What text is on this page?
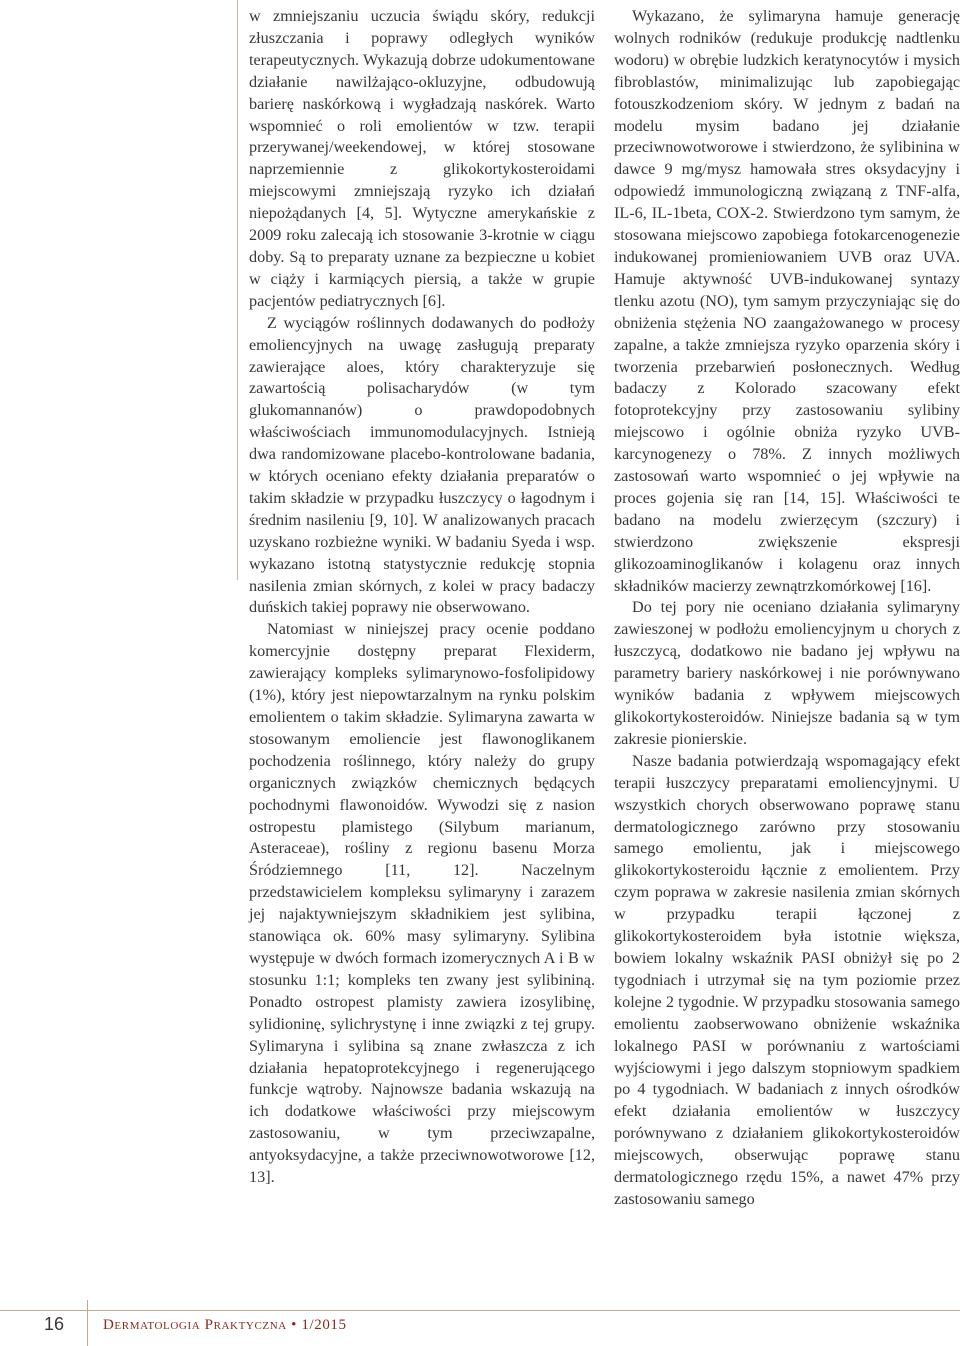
w zmniejszaniu uczucia świądu skóry, redukcji złuszczania i poprawy odległych wyników terapeutycznych. Wykazują dobrze udokumentowane działanie nawilżająco-okluzyjne, odbudowują barierę naskórkową i wygładzają naskórek. Warto wspomnieć o roli emolientów w tzw. terapii przerywanej/weekendowej, w której stosowane naprzemiennie z glikokortykosteroidami miejscowymi zmniejszają ryzyko ich działań niepożądanych [4, 5]. Wytyczne amerykańskie z 2009 roku zalecają ich stosowanie 3-krotnie w ciągu doby. Są to preparaty uznane za bezpieczne u kobiet w ciąży i karmiących piersią, a także w grupie pacjentów pediatrycznych [6].

Z wyciągów roślinnych dodawanych do podłoży emoliencyjnych na uwagę zasługują preparaty zawierające aloes, który charakteryzuje się zawartością polisacharydów (w tym glukomannanów) o prawdopodobnych właściwościach immunomodulacyjnych. Istnieją dwa randomizowane placebo-kontrolowane badania, w których oceniano efekty działania preparatów o takim składzie w przypadku łuszczycy o łagodnym i średnim nasileniu [9, 10]. W analizowanych pracach uzyskano rozbieżne wyniki. W badaniu Syeda i wsp. wykazano istotną statystycznie redukcję stopnia nasilenia zmian skórnych, z kolei w pracy badaczy duńskich takiej poprawy nie obserwowano.

Natomiast w niniejszej pracy ocenie poddano komercyjnie dostępny preparat Flexiderm, zawierający kompleks sylimarynowo-fosfolipidowy (1%), który jest niepowtarzalnym na rynku polskim emolientem o takim składzie. Sylimaryna zawarta w stosowanym emoliencie jest flawonoglikanem pochodzenia roślinnego, który należy do grupy organicznych związków chemicznych będących pochodnymi flawonoidów. Wywodzi się z nasion ostropestu plamistego (Silybum marianum, Asteraceae), rośliny z regionu basenu Morza Śródziemnego [11, 12]. Naczelnym przedstawicielem kompleksu sylimaryny i zarazem jej najaktywniejszym składnikiem jest sylibina, stanowiąca ok. 60% masy sylimaryny. Sylibina występuje w dwóch formach izomerycznych A i B w stosunku 1:1; kompleks ten zwany jest sylibininą. Ponadto ostropest plamisty zawiera izosylibinę, sylidioninę, sylichrystynę i inne związki z tej grupy. Sylimaryna i sylibina są znane zwłaszcza z ich działania hepatoprotekcyjnego i regenerującego funkcje wątroby. Najnowsze badania wskazują na ich dodatkowe właściwości przy miejscowym zastosowaniu, w tym przeciwzapalne, antyoksydacyjne, a także przeciwnowotworowe [12, 13].

Wykazano, że sylimaryna hamuje generację wolnych rodników (redukuje produkcję nadtlenku wodoru) w obrębie ludzkich keratynocytów i mysich fibroblastów, minimalizując lub zapobiegając fotouszkodzeniom skóry. W jednym z badań na modelu mysim badano jej działanie przeciwnowotworowe i stwierdzono, że sylibinina w dawce 9 mg/mysz hamowała stres oksydacyjny i odpowiedź immunologiczną związaną z TNF-alfa, IL-6, IL-1beta, COX-2. Stwierdzono tym samym, że stosowana miejscowo zapobiega fotokarcenogenezie indukowanej promieniowaniem UVB oraz UVA. Hamuje aktywność UVB-indukowanej syntazy tlenku azotu (NO), tym samym przyczyniając się do obniżenia stężenia NO zaangażowanego w procesy zapalne, a także zmniejsza ryzyko oparzenia skóry i tworzenia przebarwień posłonecznych. Według badaczy z Kolorado szacowany efekt fotoprotekcyjny przy zastosowaniu sylibiny miejscowo i ogólnie obniża ryzyko UVB-karcynogenezy o 78%. Z innych możliwych zastosowań warto wspomnieć o jej wpływie na proces gojenia się ran [14, 15]. Właściwości te badano na modelu zwierzęcym (szczury) i stwierdzono zwiększenie ekspresji glikozoaminoglikanów i kolagenu oraz innych składników macierzy zewnątrzkomórkowej [16].

Do tej pory nie oceniano działania sylimaryny zawieszonej w podłożu emoliencyjnym u chorych z łuszczycą, dodatkowo nie badano jej wpływu na parametry bariery naskórkowej i nie porównywano wyników badania z wpływem miejscowych glikokortykosteroidów. Niniejsze badania są w tym zakresie pionierskie.

Nasze badania potwierdzają wspomagający efekt terapii łuszczycy preparatami emoliencyjnymi. U wszystkich chorych obserwowano poprawę stanu dermatologicznego zarówno przy stosowaniu samego emolientu, jak i miejscowego glikokortykosteroidu łącznie z emolientem. Przy czym poprawa w zakresie nasilenia zmian skórnych w przypadku terapii łączonej z glikokortykosteroidem była istotnie większa, bowiem lokalny wskaźnik PASI obniżył się po 2 tygodniach i utrzymał się na tym poziomie przez kolejne 2 tygodnie. W przypadku stosowania samego emolientu zaobserwowano obniżenie wskaźnika lokalnego PASI w porównaniu z wartościami wyjściowymi i jego dalszym stopniowym spadkiem po 4 tygodniach. W badaniach z innych ośrodków efekt działania emolientów w łuszczycy porównywano z działaniem glikokortykosteroidów miejscowych, obserwując poprawę stanu dermatologicznego rzędu 15%, a nawet 47% przy zastosowaniu samego

16	Dermatologia Praktyczna • 1/2015
